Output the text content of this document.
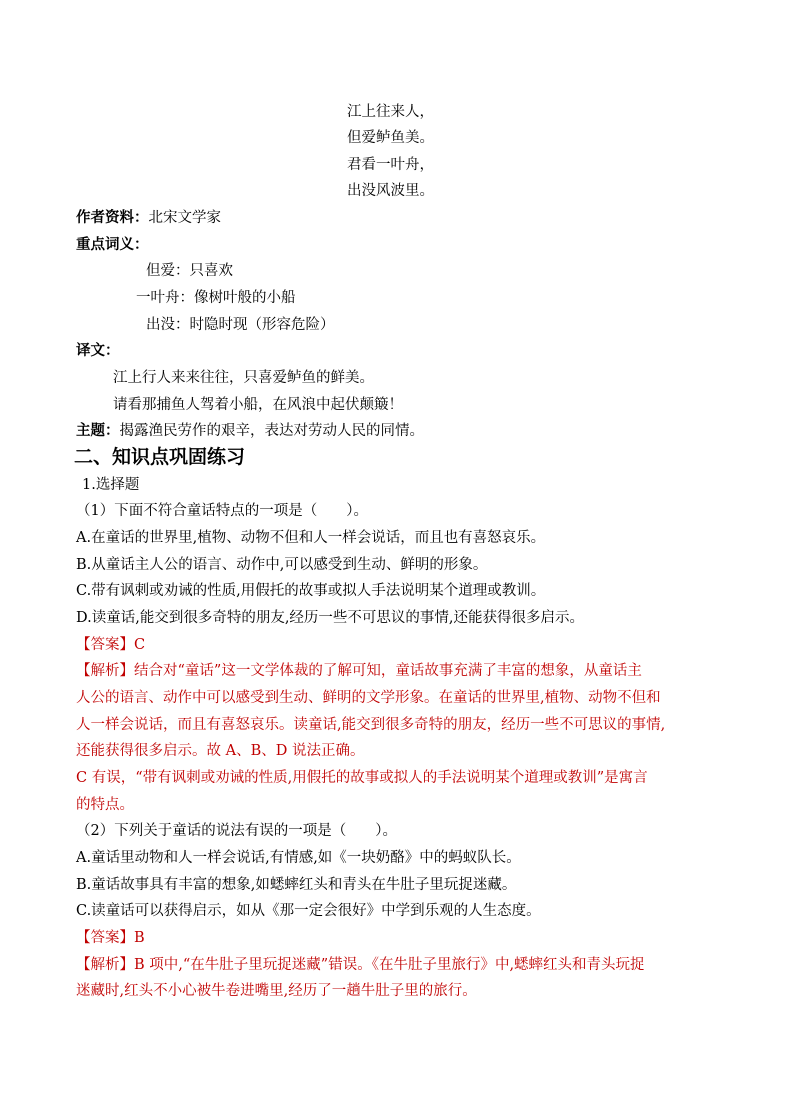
江上往来人，
但爱鲈鱼美。
君看一叶舟，
出没风波里。
作者资料：北宋文学家
重点词义：
但爱：只喜欢
一叶舟：像树叶般的小船
出没：时隐时现（形容危险）
译文：
江上行人来来往往，只喜爱鲈鱼的鲜美。
请看那捕鱼人驾着小船，在风浪中起伏颠簸！
主题：揭露渔民劳作的艰辛，表达对劳动人民的同情。
二、知识点巩固练习
1.选择题
（1）下面不符合童话特点的一项是（　　）。
A.在童话的世界里,植物、动物不但和人一样会说话，而且也有喜怒哀乐。
B.从童话主人公的语言、动作中,可以感受到生动、鲜明的形象。
C.带有讽刺或劝诫的性质,用假托的故事或拟人手法说明某个道理或教训。
D.读童话,能交到很多奇特的朋友,经历一些不可思议的事情,还能获得很多启示。
【答案】C
【解析】结合对“童话”这一文学体裁的了解可知，童话故事充满了丰富的想象，从童话主
人公的语言、动作中可以感受到生动、鲜明的文学形象。在童话的世界里,植物、动物不但和
人一样会说话，而且有喜怒哀乐。读童话,能交到很多奇特的朋友，经历一些不可思议的事情,
还能获得很多启示。故 A、B、D 说法正确。
C 有误，“带有讽刺或劝诫的性质,用假托的故事或拟人的手法说明某个道理或教训”是寓言
的特点。
（2）下列关于童话的说法有误的一项是（　　）。
A.童话里动物和人一样会说话,有情感,如《一块奶酪》中的蚂蚁队长。
B.童话故事具有丰富的想象,如蟋蟀红头和青头在牛肚子里玩捉迷藏。
C.读童话可以获得启示，如从《那一定会很好》中学到乐观的人生态度。
【答案】B
【解析】B 项中,“在牛肚子里玩捉迷藏”错误。《在牛肚子里旅行》中,蟋蟀红头和青头玩捉
迷藏时,红头不小心被牛卷进嘴里,经历了一趟牛肚子里的旅行。
